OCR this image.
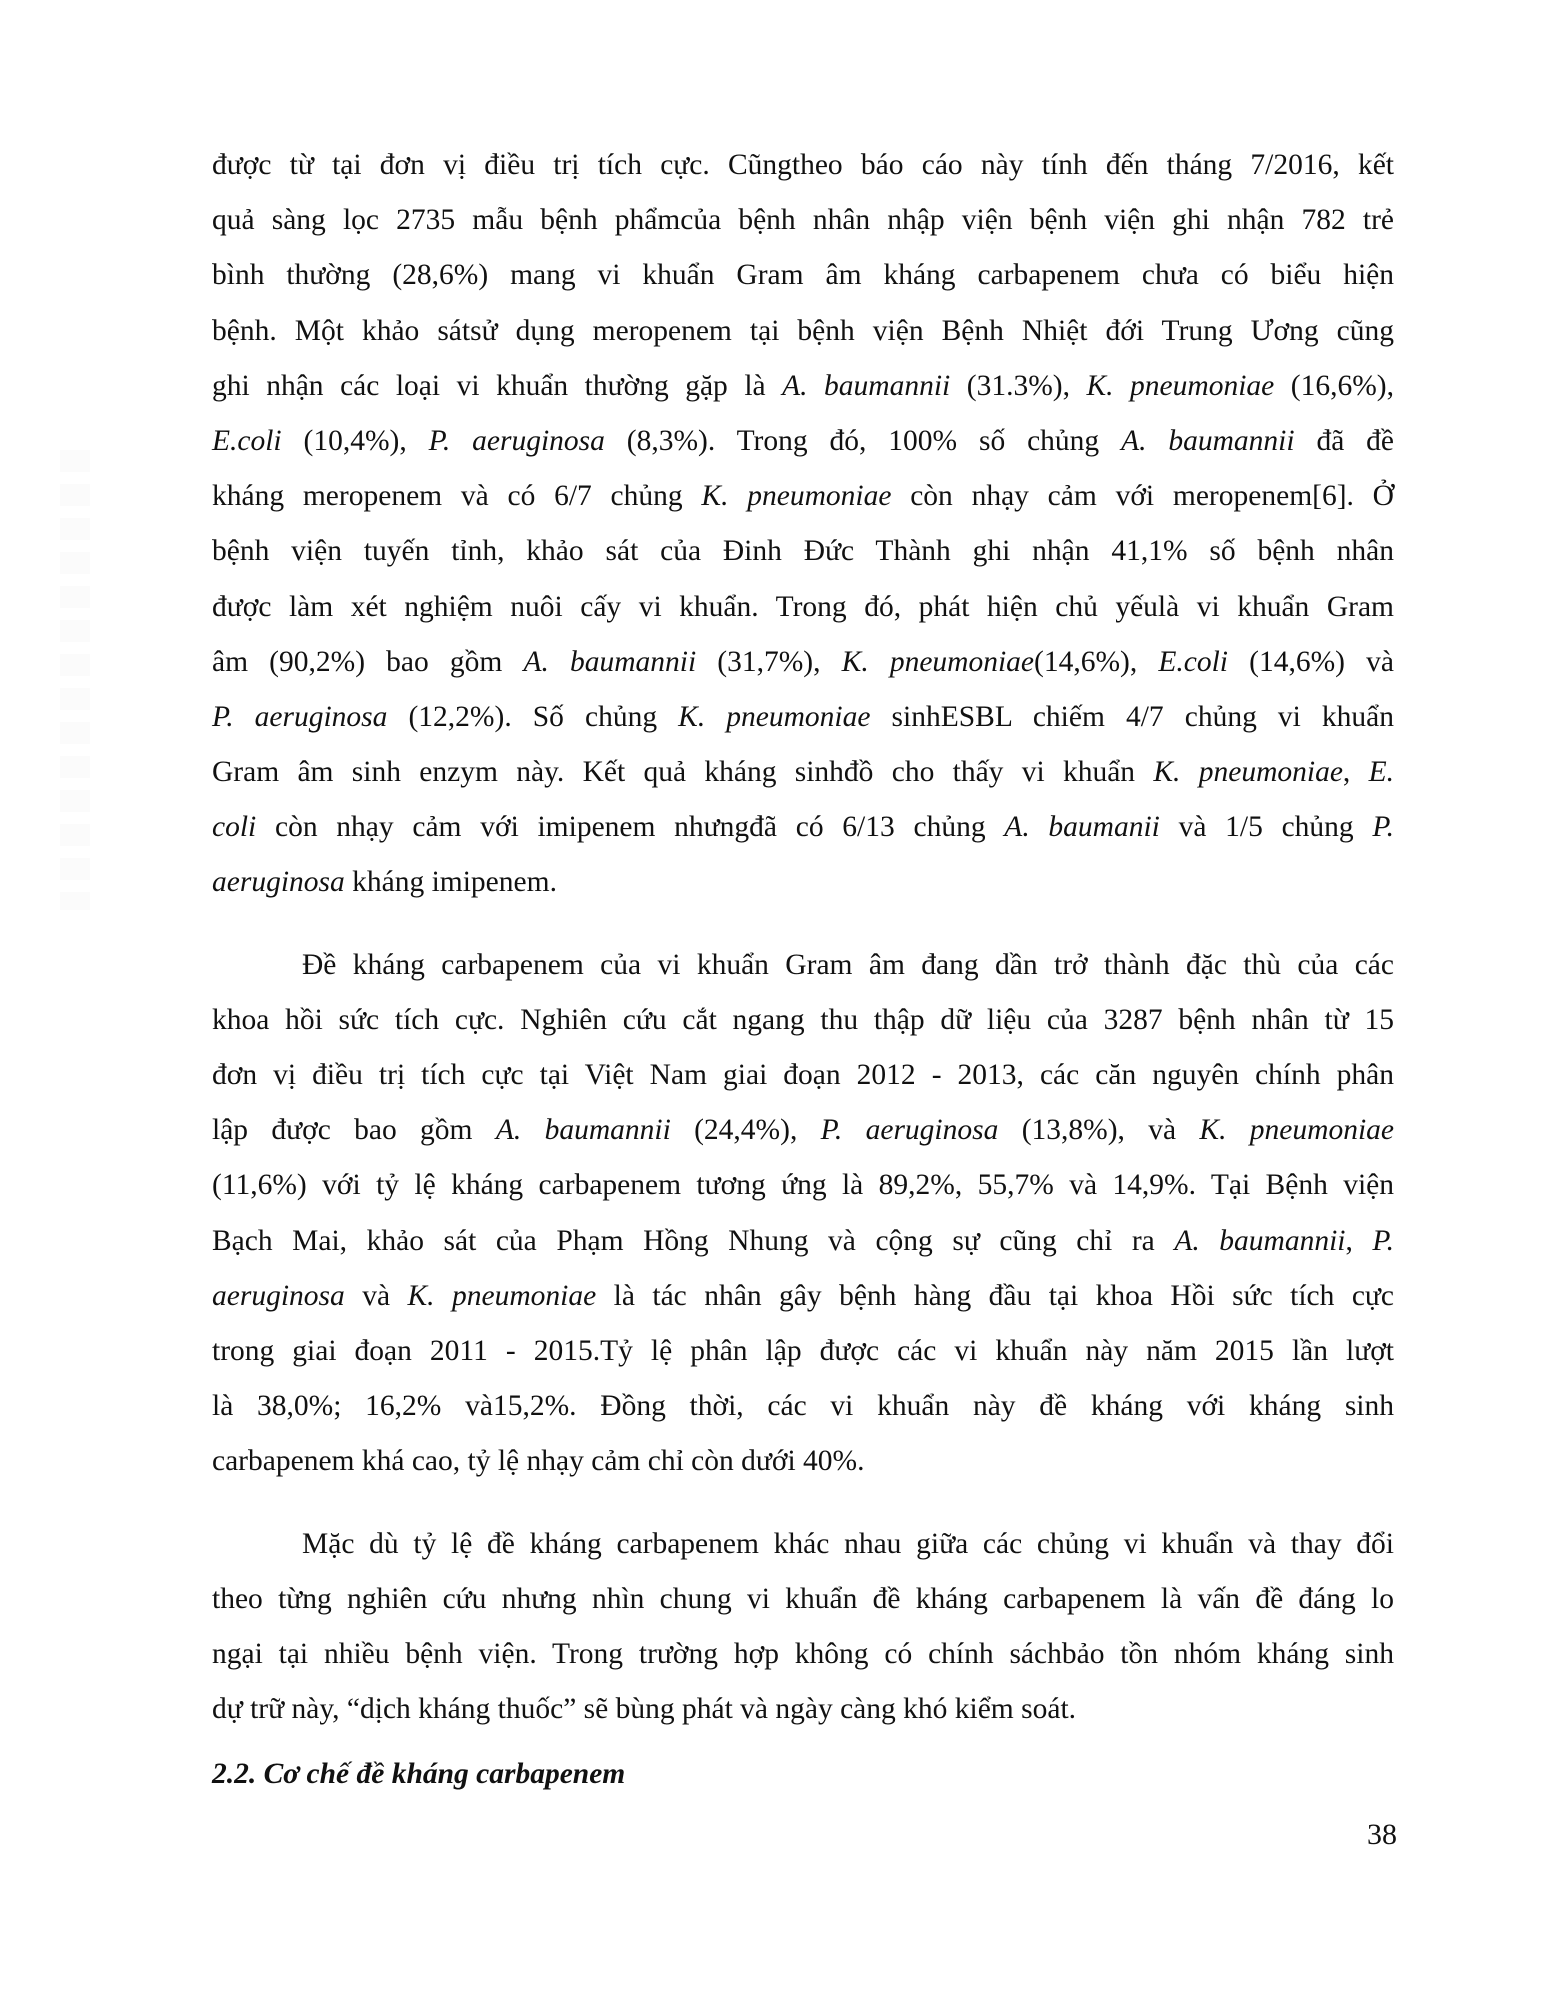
được từ tại đơn vị điều trị tích cực. Cũngtheo báo cáo này tính đến tháng 7/2016, kết
quả sàng lọc 2735 mẫu bệnh phẩmcủa bệnh nhân nhập viện bệnh viện ghi nhận 782 trẻ
bình thường (28,6%) mang vi khuẩn Gram âm kháng carbapenem chưa có biểu hiện
bệnh. Một khảo sátsử dụng meropenem tại bệnh viện Bệnh Nhiệt đới Trung Ương cũng
ghi nhận các loại vi khuẩn thường gặp là A. baumannii (31.3%), K. pneumoniae (16,6%),
E.coli (10,4%), P. aeruginosa (8,3%). Trong đó, 100% số chủng A. baumannii đã đề
kháng meropenem và có 6/7 chủng K. pneumoniae còn nhạy cảm với meropenem[6]. Ở
bệnh viện tuyến tỉnh, khảo sát của Đinh Đức Thành ghi nhận 41,1% số bệnh nhân
được làm xét nghiệm nuôi cấy vi khuẩn. Trong đó, phát hiện chủ yếulà vi khuẩn Gram
âm (90,2%) bao gồm A. baumannii (31,7%), K. pneumoniae(14,6%), E.coli (14,6%) và
P. aeruginosa (12,2%). Số chủng K. pneumoniae sinhESBL chiếm 4/7 chủng vi khuẩn
Gram âm sinh enzym này. Kết quả kháng sinhđồ cho thấy vi khuẩn K. pneumoniae, E.
coli còn nhạy cảm với imipenem nhưngđã có 6/13 chủng A. baumanii và 1/5 chủng P.
aeruginosa kháng imipenem.
Đề kháng carbapenem của vi khuẩn Gram âm đang dần trở thành đặc thù của các
khoa hồi sức tích cực. Nghiên cứu cắt ngang thu thập dữ liệu của 3287 bệnh nhân từ 15
đơn vị điều trị tích cực tại Việt Nam giai đoạn 2012 - 2013, các căn nguyên chính phân
lập được bao gồm A. baumannii (24,4%), P. aeruginosa (13,8%), và K. pneumoniae
(11,6%) với tỷ lệ kháng carbapenem tương ứng là 89,2%, 55,7% và 14,9%. Tại Bệnh viện
Bạch Mai, khảo sát của Phạm Hồng Nhung và cộng sự cũng chỉ ra A. baumannii, P.
aeruginosa và K. pneumoniae là tác nhân gây bệnh hàng đầu tại khoa Hồi sức tích cực
trong giai đoạn 2011 - 2015.Tỷ lệ phân lập được các vi khuẩn này năm 2015 lần lượt
là 38,0%; 16,2% và15,2%. Đồng thời, các vi khuẩn này đề kháng với kháng sinh
carbapenem khá cao, tỷ lệ nhạy cảm chỉ còn dưới 40%.
Mặc dù tỷ lệ đề kháng carbapenem khác nhau giữa các chủng vi khuẩn và thay đổi
theo từng nghiên cứu nhưng nhìn chung vi khuẩn đề kháng carbapenem là vấn đề đáng lo
ngại tại nhiều bệnh viện. Trong trường hợp không có chính sáchbảo tồn nhóm kháng sinh
dự trữ này, “dịch kháng thuốc” sẽ bùng phát và ngày càng khó kiểm soát.
2.2. Cơ chế đề kháng carbapenem
38
